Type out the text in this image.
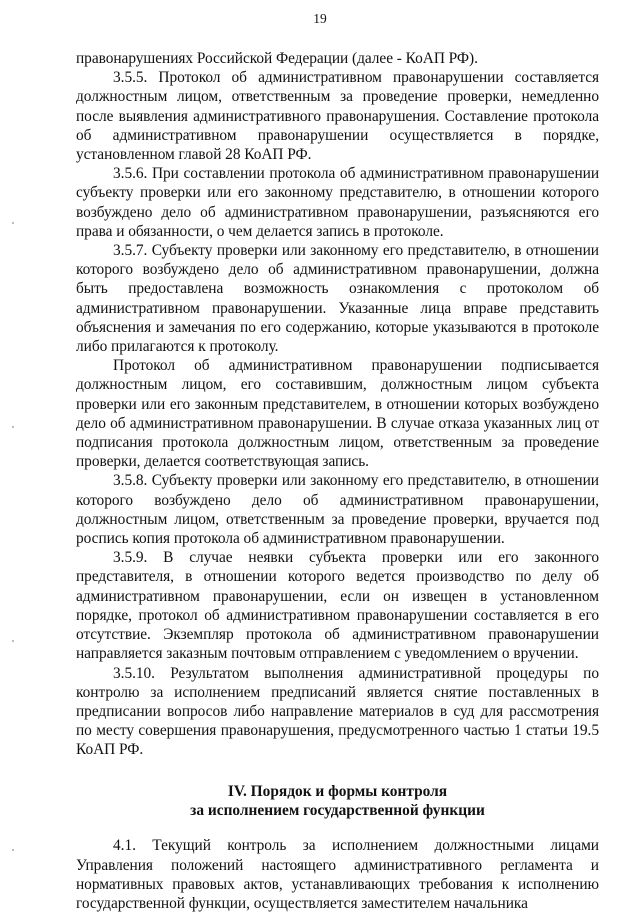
19

правонарушениях Российской Федерации (далее - КоАП РФ).

3.5.5. Протокол об административном правонарушении составляется должностным лицом, ответственным за проведение проверки, немедленно после выявления административного правонарушения. Составление протокола об административном правонарушении осуществляется в порядке, установленном главой 28 КоАП РФ.

3.5.6. При составлении протокола об административном правонарушении субъекту проверки или его законному представителю, в отношении которого возбуждено дело об административном правонарушении, разъясняются его права и обязанности, о чем делается запись в протоколе.

3.5.7. Субъекту проверки или законному его представителю, в отношении которого возбуждено дело об административном правонарушении, должна быть предоставлена возможность ознакомления с протоколом об административном правонарушении. Указанные лица вправе представить объяснения и замечания по его содержанию, которые указываются в протоколе либо прилагаются к протоколу.

Протокол об административном правонарушении подписывается должностным лицом, его составившим, должностным лицом субъекта проверки или его законным представителем, в отношении которых возбуждено дело об административном правонарушении. В случае отказа указанных лиц от подписания протокола должностным лицом, ответственным за проведение проверки, делается соответствующая запись.

3.5.8. Субъекту проверки или законному его представителю, в отношении которого возбуждено дело об административном правонарушении, должностным лицом, ответственным за проведение проверки, вручается под роспись копия протокола об административном правонарушении.

3.5.9. В случае неявки субъекта проверки или его законного представителя, в отношении которого ведется производство по делу об административном правонарушении, если он извещен в установленном порядке, протокол об административном правонарушении составляется в его отсутствие. Экземпляр протокола об административном правонарушении направляется заказным почтовым отправлением с уведомлением о вручении.

3.5.10. Результатом выполнения административной процедуры по контролю за исполнением предписаний является снятие поставленных в предписании вопросов либо направление материалов в суд для рассмотрения по месту совершения правонарушения, предусмотренного частью 1 статьи 19.5 КоАП РФ.

IV. Порядок и формы контроля
за исполнением государственной функции

4.1. Текущий контроль за исполнением должностными лицами Управления положений настоящего административного регламента и нормативных правовых актов, устанавливающих требования к исполнению государственной функции, осуществляется заместителем начальника
